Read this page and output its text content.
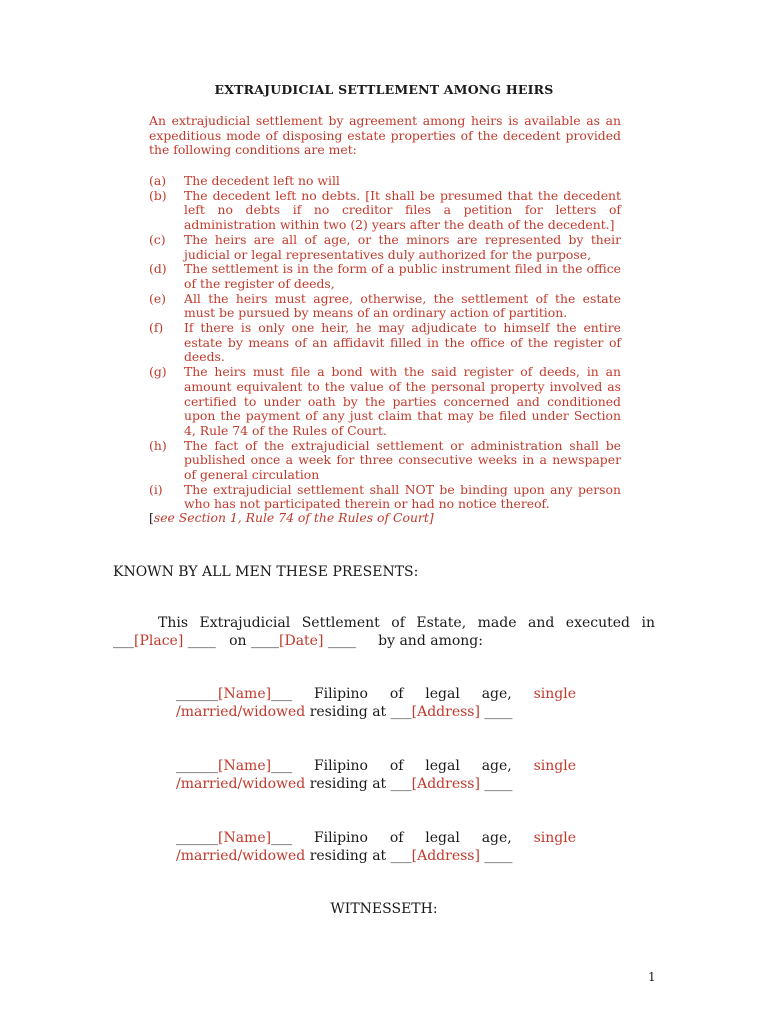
EXTRAJUDICIAL SETTLEMENT AMONG HEIRS
An extrajudicial settlement by agreement among heirs is available as an expeditious mode of disposing estate properties of the decedent provided the following conditions are met:
(a)	The decedent left no will
(b)	The decedent left no debts. [It shall be presumed that the decedent left no debts if no creditor files a petition for letters of administration within two (2) years after the death of the decedent.]
(c)	The heirs are all of age, or the minors are represented by their judicial or legal representatives duly authorized for the purpose,
(d)	The settlement is in the form of a public instrument filed in the office of the register of deeds,
(e)	All the heirs must agree, otherwise, the settlement of the estate must be pursued by means of an ordinary action of partition.
(f)	If there is only one heir, he may adjudicate to himself the entire estate by means of an affidavit filled in the office of the register of deeds.
(g)	The heirs must file a bond with the said register of deeds, in an amount equivalent to the value of the personal property involved as certified to under oath by the parties concerned and conditioned upon the payment of any just claim that may be filed under Section 4, Rule 74 of the Rules of Court.
(h)	The fact of the extrajudicial settlement or administration shall be published once a week for three consecutive weeks in a newspaper of general circulation
(i)	The extrajudicial settlement shall NOT be binding upon any person who has not participated therein or had no notice thereof.
[see Section 1, Rule 74 of the Rules of Court]
KNOWN BY ALL MEN THESE PRESENTS:
This Extrajudicial Settlement of Estate, made and executed in
___[Place] ____ on ____[Date] ____ by and among:
______[Name]___ Filipino of legal age, single
/married/widowed residing at ___[Address] ____
______[Name]___ Filipino of legal age, single
/married/widowed residing at ___[Address] ____
______[Name]___ Filipino of legal age, single
/married/widowed residing at ___[Address] ____
WITNESSETH:
1
